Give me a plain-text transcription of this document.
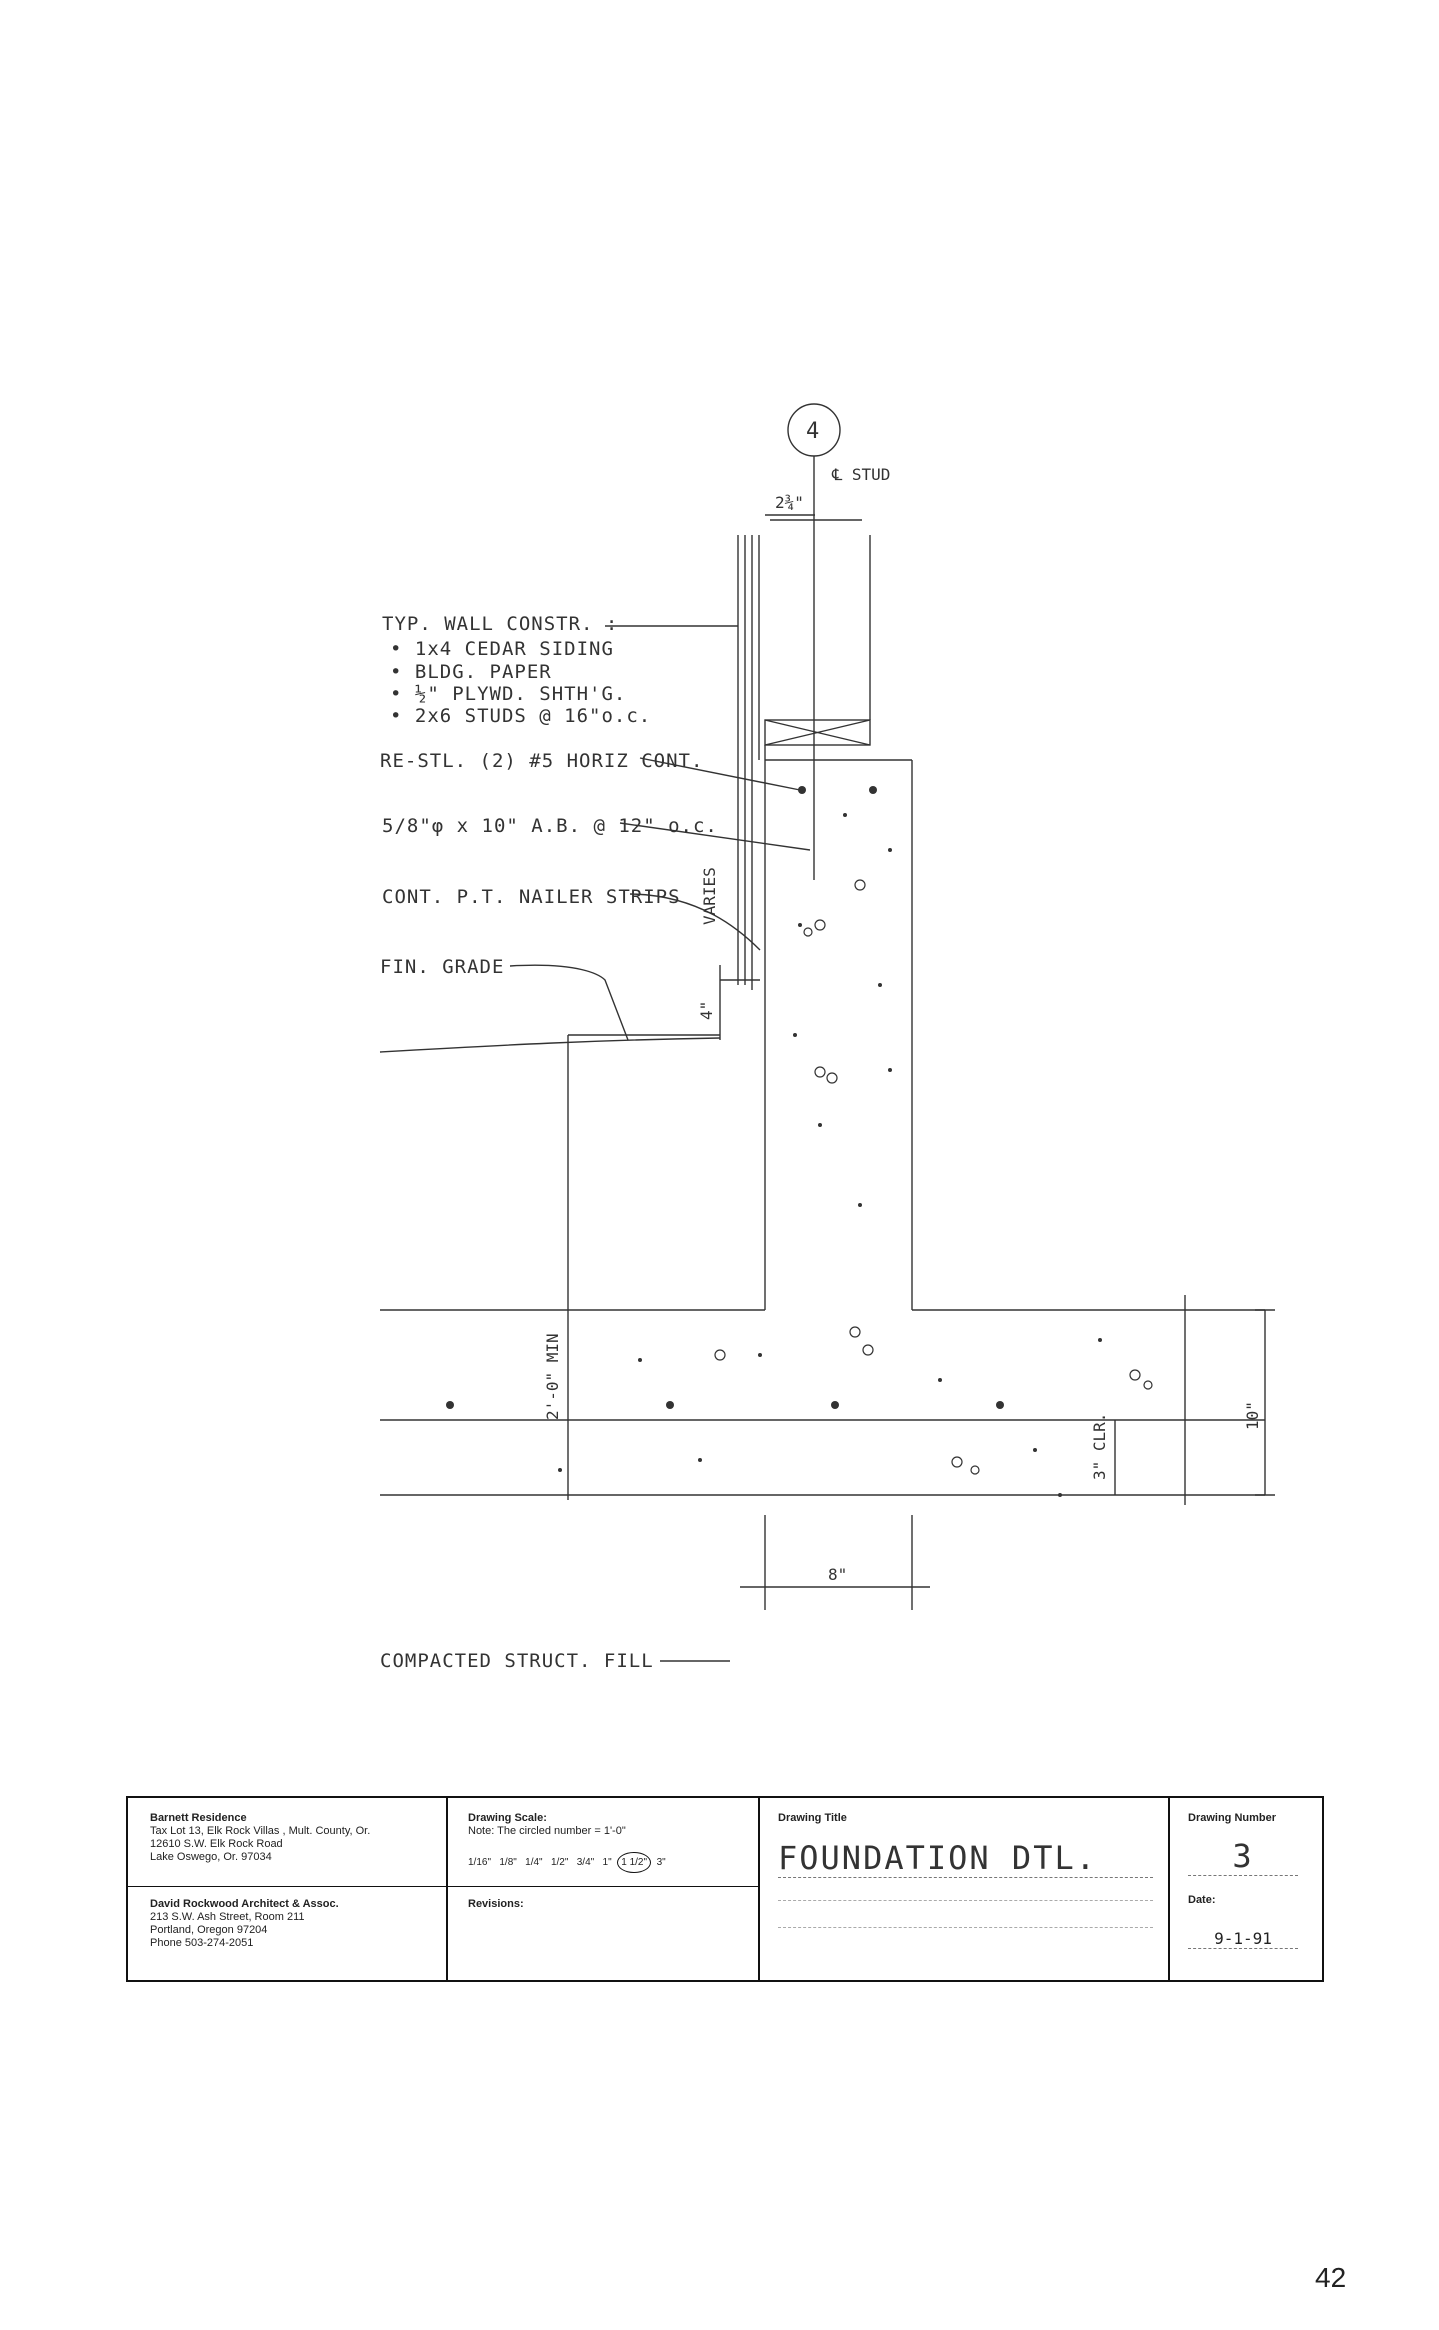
4
℄ STUD
2¾"
TYP. WALL CONSTR. :
• 1x4 CEDAR SIDING
• BLDG. PAPER
• ½" PLYWD. SHTH'G.
• 2x6 STUDS @ 16"o.c.
RE-STL. (2) #5 HORIZ CONT.
5/8"φ x 10" A.B. @ 12" o.c.
CONT. P.T. NAILER STRIPS VARIES
FIN. GRADE
4"
2'-0" MIN	10"
3" CLR.
8"
COMPACTED STRUCT. FILL
Barnett Residence
Tax Lot 13, Elk Rock Villas , Mult. County, Or.
12610 S.W. Elk Rock Road
Lake Oswego, Or. 97034
David Rockwood Architect & Assoc.
213 S.W. Ash Street, Room 211
Portland, Oregon 97204
Phone 503-274-2051
Drawing Scale:
Note: The circled number = 1'-0"
1/16" 1/8" 1/4" 1/2" 3/4" 1" 1 1/2" 3"
Revisions:
Drawing Title
FOUNDATION DTL.
Drawing Number
3
Date:
9-1-91
42
